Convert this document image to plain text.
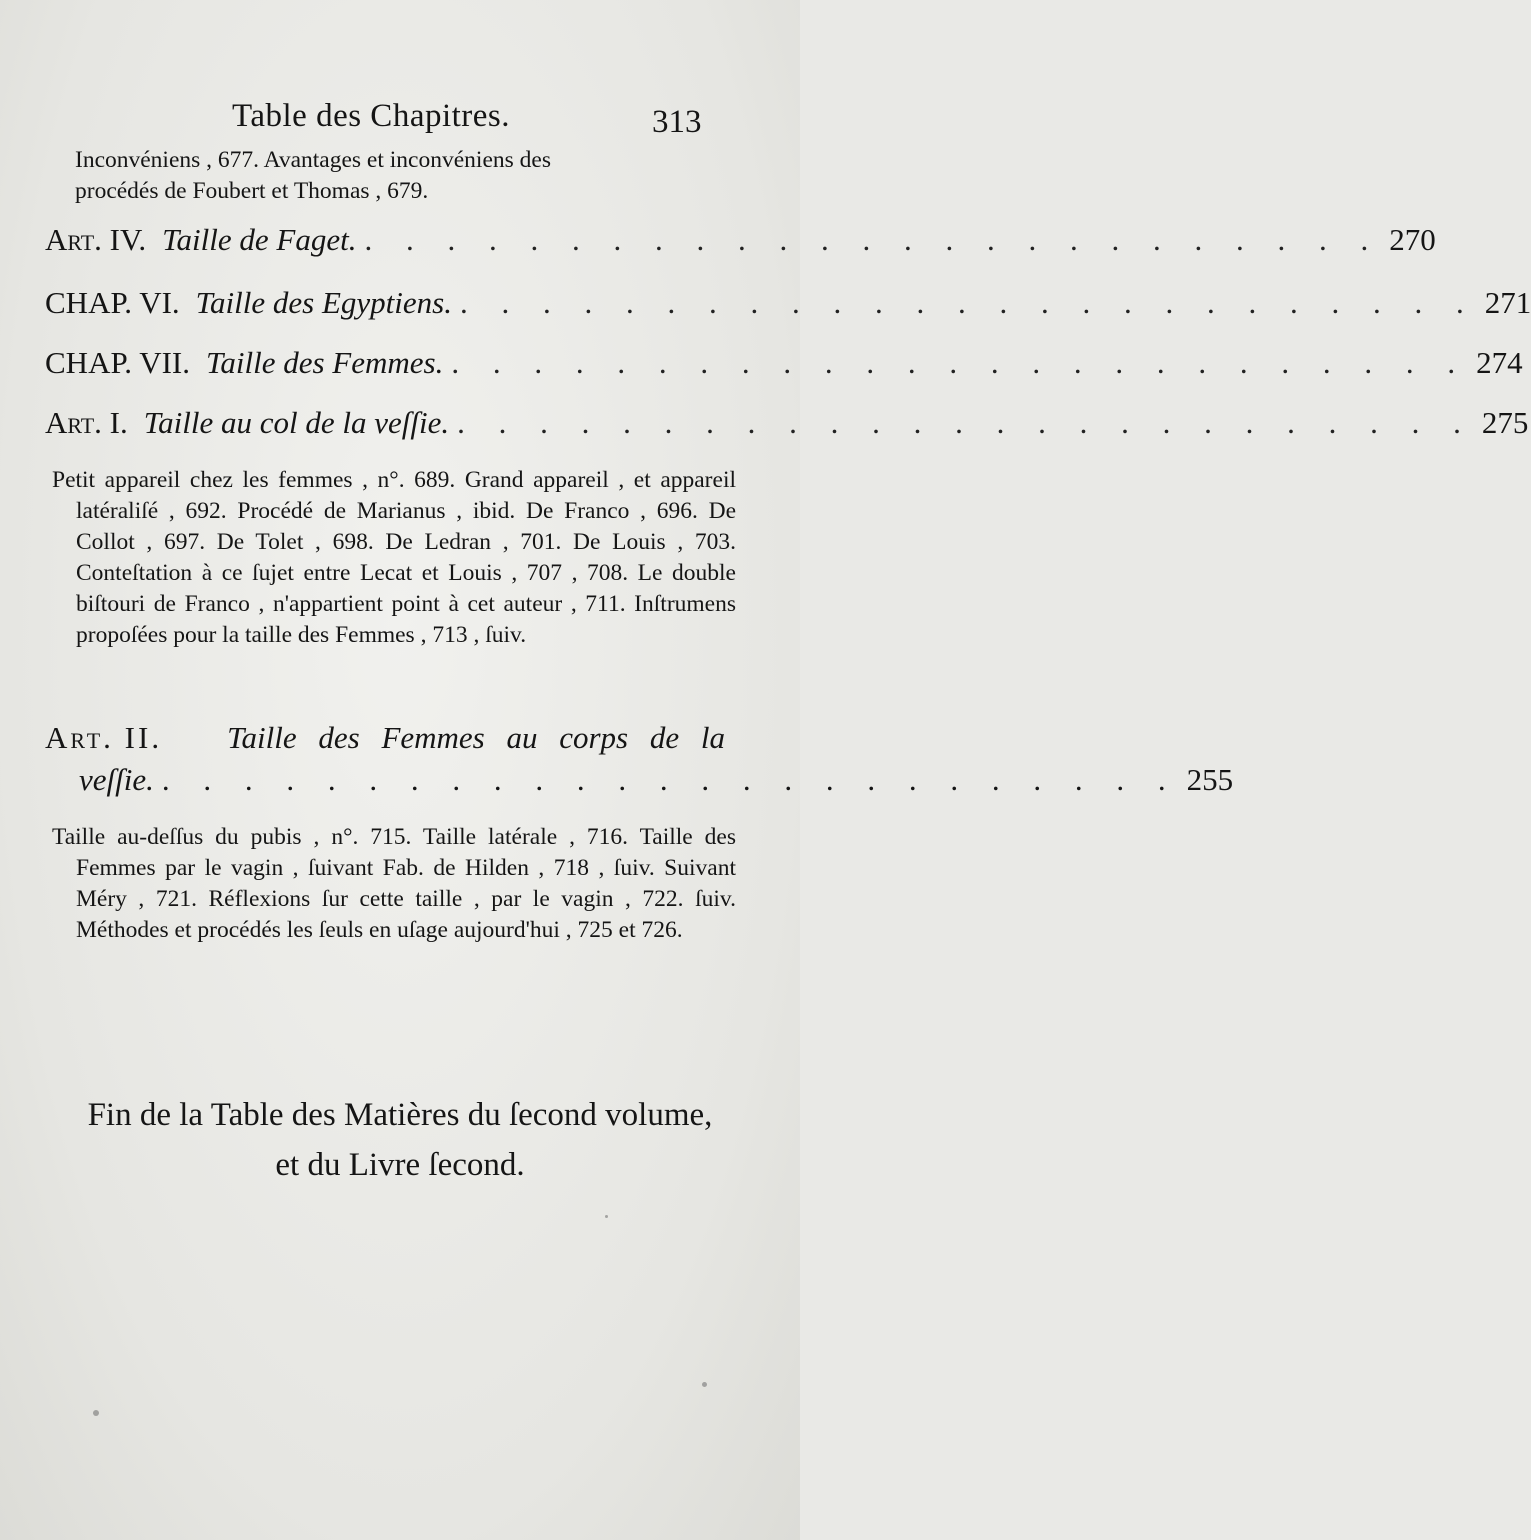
Table des Chapitres.	313

Inconvéniens , 677. Avantages et inconvéniens des
procédés de Foubert et Thomas , 679.

Art. IV. Taille de Faget. . . . . . . . . . . . . . . . . . . . . . . . . . 270
CHAP. VI. Taille des Egyptiens. . . . . . . . . . . . . . . . . . . . . . . . . . 271
CHAP. VII. Taille des Femmes. . . . . . . . . . . . . . . . . . . . . . . . . . 274
Art. I. Taille au col de la veſſie. . . . . . . . . . . . . . . . . . . . . . . . . . 275

Petit appareil chez les femmes , n°. 689. Grand appareil , et appareil latéraliſé , 692. Procédé de Marianus , ibid. De Franco , 696. De Collot , 697. De Tolet , 698. De Ledran , 701. De Louis , 703. Conteſtation à ce ſujet entre Lecat et Louis , 707 , 708. Le double biſtouri de Franco , n'appartient point à cet auteur , 711. Inſtrumens propoſées pour la taille des Femmes , 713 , ſuiv.

Art. II. Taille des Femmes au corps de la
veſſie. . . . . . . . . . . . . . . . . . . . . . . . . . 255

Taille au-deſſus du pubis , n°. 715. Taille latérale , 716. Taille des Femmes par le vagin , ſuivant Fab. de Hilden , 718 , ſuiv. Suivant Méry , 721. Réflexions ſur cette taille , par le vagin , 722. ſuiv. Méthodes et procédés les ſeuls en uſage aujourd'hui , 725 et 726.

Fin de la Table des Matières du ſecond volume,
et du Livre ſecond.
